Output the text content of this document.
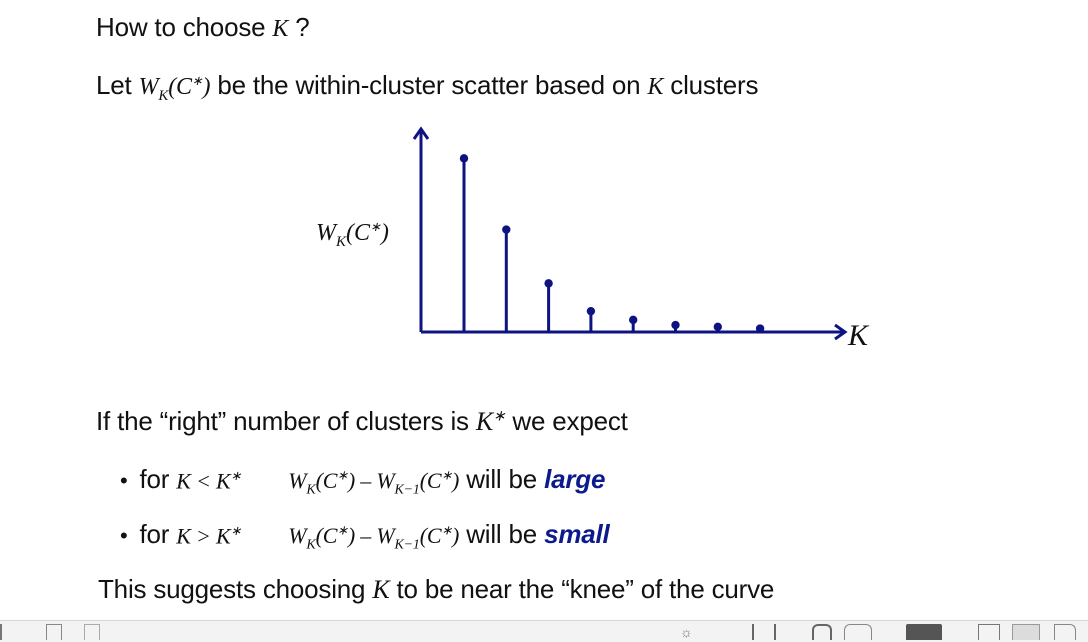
How to choose K ?
Let $W_K(C^∗)$ be the within-cluster scatter based on K clusters
$W_K(C^∗)$
K
If the “right” number of clusters is K∗ we expect
• for K < K∗ $W_K(C^∗) - W_{K-1}(C^∗)$ will be large
• for K > K∗ $W_K(C^∗) - W_{K-1}(C^∗)$ will be small
This suggests choosing K to be near the “knee” of the curve
☼
